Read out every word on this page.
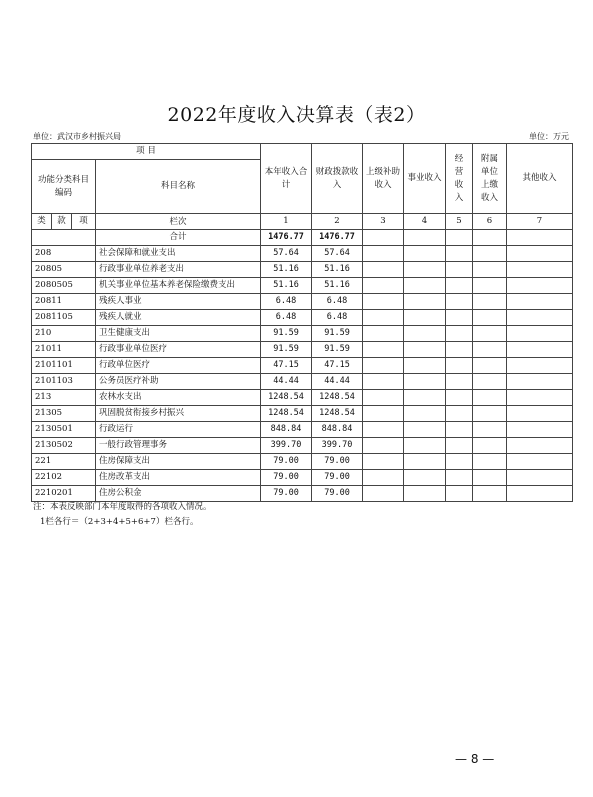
2022年度收入决算表（表2）
单位：武汉市乡村振兴局	单位：万元
项 目				本年收入合计	财政拨款收入	上级补助收入	事业收入	经营收入	附属单位上缴收入	其他收入
功能分类科目编码			科目名称							
类	款	项	栏次	1	2	3	4	5	6	7
			合计	1476.77	1476.77					
208			社会保障和就业支出	57.64	57.64					
20805			行政事业单位养老支出	51.16	51.16					
2080505			机关事业单位基本养老保险缴费支出	51.16	51.16					
20811			残疾人事业	6.48	6.48					
2081105			残疾人就业	6.48	6.48					
210			卫生健康支出	91.59	91.59					
21011			行政事业单位医疗	91.59	91.59					
2101101			行政单位医疗	47.15	47.15					
2101103			公务员医疗补助	44.44	44.44					
213			农林水支出	1248.54	1248.54					
21305			巩固脱贫衔接乡村振兴	1248.54	1248.54					
2130501			行政运行	848.84	848.84					
2130502			一般行政管理事务	399.70	399.70					
221			住房保障支出	79.00	79.00					
22102			住房改革支出	79.00	79.00					
2210201			住房公积金	79.00	79.00					
注：本表反映部门本年度取得的各项收入情况。
1栏各行＝（2+3+4+5+6+7）栏各行。
— 8 —
